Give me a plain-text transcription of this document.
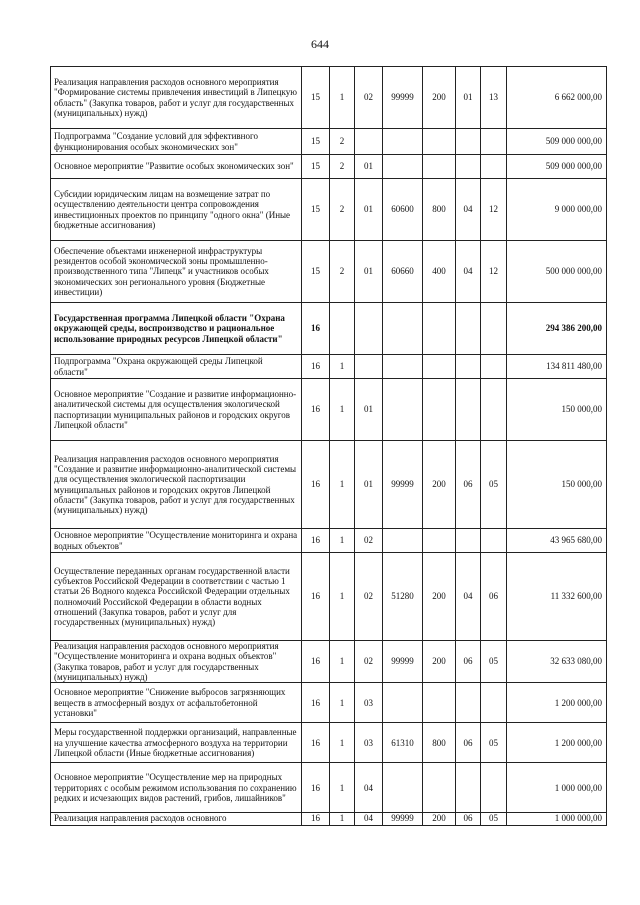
644
Реализация направления расходов основного мероприятия "Формирование системы привлечения инвестиций в Липецкую область" (Закупка товаров, работ и услуг для государственных (муниципальных) нужд)	15	1	02	99999	200	01	13	6 662 000,00
Подпрограмма "Создание условий для эффективного функционирования особых экономических зон"	15	2						509 000 000,00
Основное мероприятие "Развитие особых экономических зон"	15	2	01					509 000 000,00
Субсидии юридическим лицам на возмещение затрат по осуществлению деятельности центра сопровождения инвестиционных проектов по принципу "одного окна" (Иные бюджетные ассигнования)	15	2	01	60600	800	04	12	9 000 000,00
Обеспечение объектами инженерной инфраструктуры резидентов особой экономической зоны промышленно-производственного типа "Липецк" и участников особых экономических зон регионального уровня (Бюджетные инвестиции)	15	2	01	60660	400	04	12	500 000 000,00
Государственная программа Липецкой области "Охрана окружающей среды, воспроизводство и рациональное использование природных ресурсов Липецкой области"	16							294 386 200,00
Подпрограмма "Охрана окружающей среды Липецкой области"	16	1						134 811 480,00
Основное мероприятие "Создание и развитие информационно-аналитической системы для осуществления экологической паспортизации муниципальных районов и городских округов Липецкой области"	16	1	01					150 000,00
Реализация направления расходов основного мероприятия "Создание и развитие информационно-аналитической системы для осуществления экологической паспортизации муниципальных районов и городских округов Липецкой области" (Закупка товаров, работ и услуг для государственных (муниципальных) нужд)	16	1	01	99999	200	06	05	150 000,00
Основное мероприятие "Осуществление мониторинга и охрана водных объектов"	16	1	02					43 965 680,00
Осуществление переданных органам государственной власти субъектов Российской Федерации в соответствии с частью 1 статьи 26 Водного кодекса Российской Федерации отдельных полномочий Российской Федерации в области водных отношений (Закупка товаров, работ и услуг для государственных (муниципальных) нужд)	16	1	02	51280	200	04	06	11 332 600,00
Реализация направления расходов основного мероприятия "Осуществление мониторинга и охрана водных объектов" (Закупка товаров, работ и услуг для государственных (муниципальных) нужд)	16	1	02	99999	200	06	05	32 633 080,00
Основное мероприятие "Снижение выбросов загрязняющих веществ в атмосферный воздух от асфальтобетонной установки"	16	1	03					1 200 000,00
Меры государственной поддержки организаций, направленные на улучшение качества атмосферного воздуха на территории Липецкой области (Иные бюджетные ассигнования)	16	1	03	61310	800	06	05	1 200 000,00
Основное мероприятие "Осуществление мер на природных территориях с особым режимом использования по сохранению редких и исчезающих видов растений, грибов, лишайников"	16	1	04					1 000 000,00
Реализация направления расходов основного	16	1	04	99999	200	06	05	1 000 000,00
